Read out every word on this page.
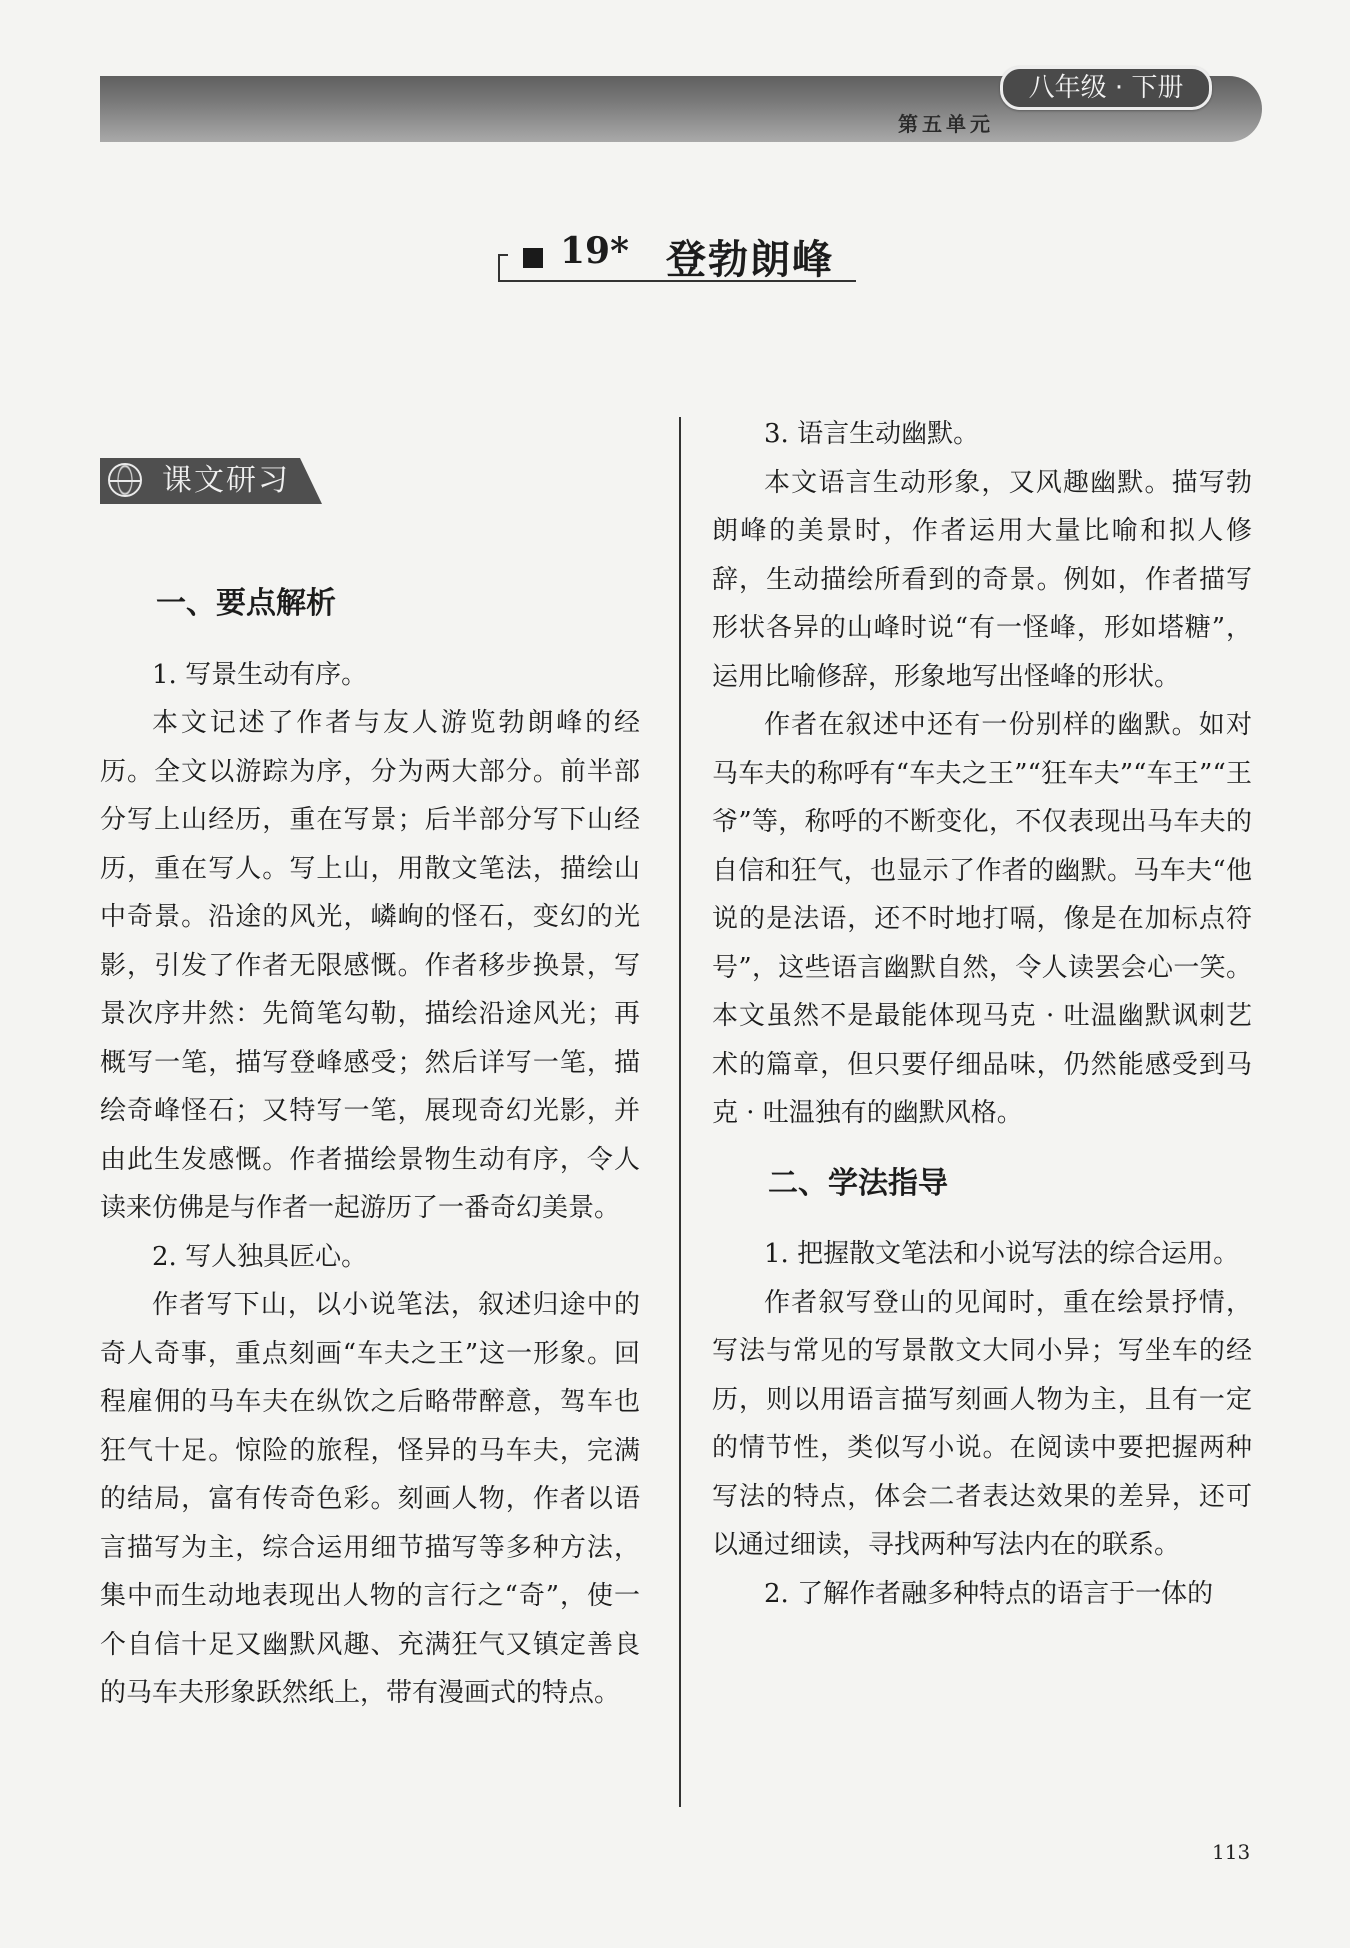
八年级 · 下册
第五单元
19* 登勃朗峰
课文研习

一、要点解析

1. 写景生动有序。

本文记述了作者与友人游览勃朗峰的经历。全文以游踪为序，分为两大部分。前半部分写上山经历，重在写景；后半部分写下山经历，重在写人。写上山，用散文笔法，描绘山中奇景。沿途的风光，嶙峋的怪石，变幻的光影，引发了作者无限感慨。作者移步换景，写景次序井然：先简笔勾勒，描绘沿途风光；再概写一笔，描写登峰感受；然后详写一笔，描绘奇峰怪石；又特写一笔，展现奇幻光影，并由此生发感慨。作者描绘景物生动有序，令人读来仿佛是与作者一起游历了一番奇幻美景。

2. 写人独具匠心。

作者写下山，以小说笔法，叙述归途中的奇人奇事，重点刻画“车夫之王”这一形象。回程雇佣的马车夫在纵饮之后略带醉意，驾车也狂气十足。惊险的旅程，怪异的马车夫，完满的结局，富有传奇色彩。刻画人物，作者以语言描写为主，综合运用细节描写等多种方法，集中而生动地表现出人物的言行之“奇”，使一个自信十足又幽默风趣、充满狂气又镇定善良的马车夫形象跃然纸上，带有漫画式的特点。

3. 语言生动幽默。

本文语言生动形象，又风趣幽默。描写勃朗峰的美景时，作者运用大量比喻和拟人修辞，生动描绘所看到的奇景。例如，作者描写形状各异的山峰时说“有一怪峰，形如塔糖”，运用比喻修辞，形象地写出怪峰的形状。

作者在叙述中还有一份别样的幽默。如对马车夫的称呼有“车夫之王”“狂车夫”“车王”“王爷”等，称呼的不断变化，不仅表现出马车夫的自信和狂气，也显示了作者的幽默。马车夫“他说的是法语，还不时地打嗝，像是在加标点符号”，这些语言幽默自然，令人读罢会心一笑。本文虽然不是最能体现马克 · 吐温幽默讽刺艺术的篇章，但只要仔细品味，仍然能感受到马克 · 吐温独有的幽默风格。

二、学法指导

1. 把握散文笔法和小说写法的综合运用。

作者叙写登山的见闻时，重在绘景抒情，写法与常见的写景散文大同小异；写坐车的经历，则以用语言描写刻画人物为主，且有一定的情节性，类似写小说。在阅读中要把握两种写法的特点，体会二者表达效果的差异，还可以通过细读，寻找两种写法内在的联系。

2. 了解作者融多种特点的语言于一体的

113
